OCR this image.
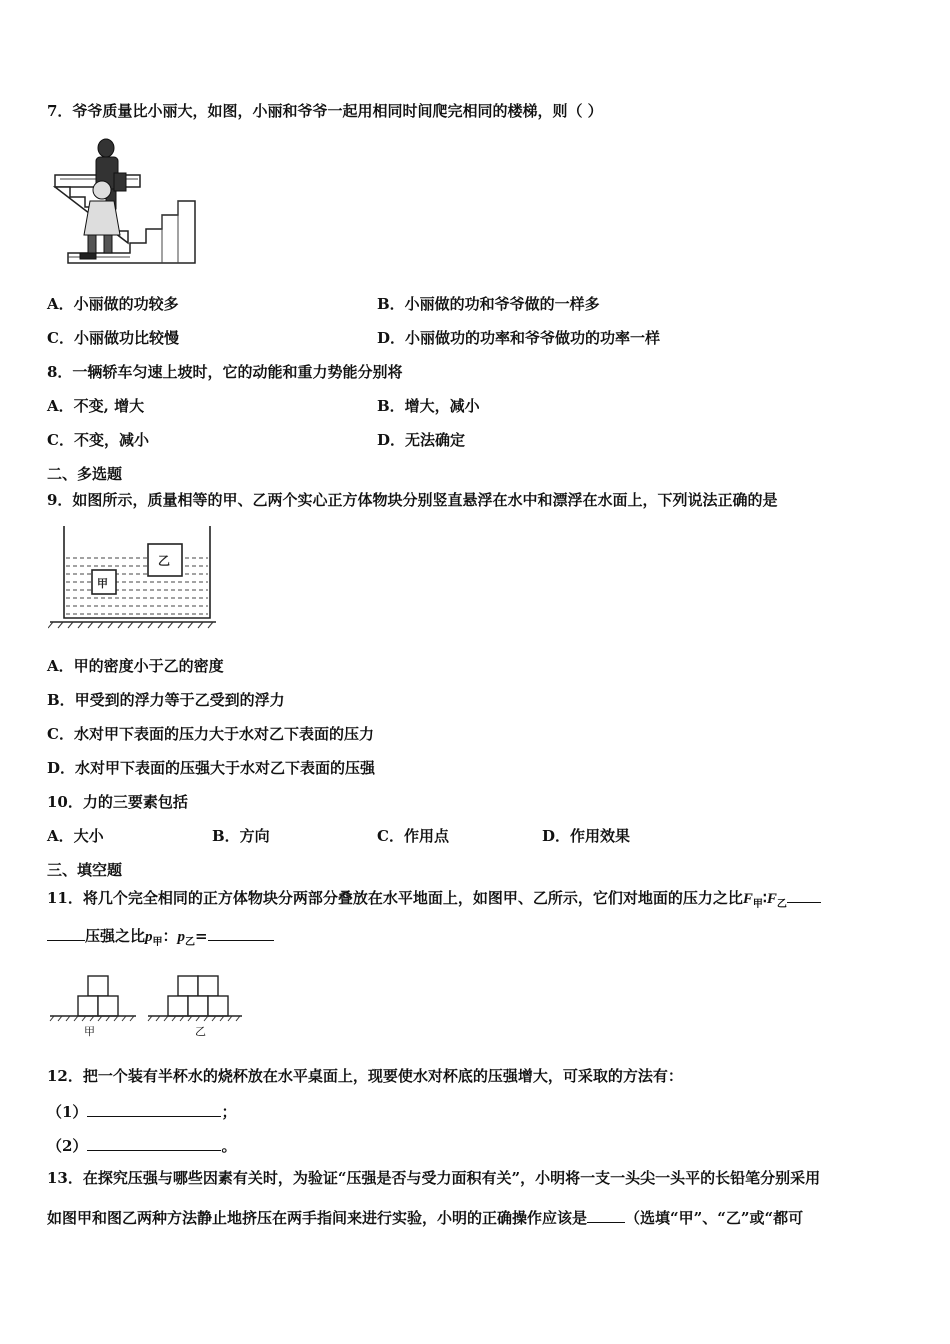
7．爷爷质量比小丽大，如图，小丽和爷爷一起用相同时间爬完相同的楼梯，则（ ）
A．小丽做的功较多	B．小丽做的功和爷爷做的一样多
C．小丽做功比较慢	D．小丽做功的功率和爷爷做功的功率一样
8．一辆轿车匀速上坡时，它的动能和重力势能分别将
A．不变, 增大	B．增大，减小
C．不变，减小	D．无法确定
二、多选题
9．如图所示，质量相等的甲、乙两个实心正方体物块分别竖直悬浮在水中和漂浮在水面上，下列说法正确的是
乙
甲
A．甲的密度小于乙的密度
B．甲受到的浮力等于乙受到的浮力
C．水对甲下表面的压力大于水对乙下表面的压力
D．水对甲下表面的压强大于水对乙下表面的压强
10．力的三要素包括
A．大小	B．方向	C．作用点	D．作用效果
三、填空题
11．将几个完全相同的正方体物块分两部分叠放在水平地面上，如图甲、乙所示，它们对地面的压力之比$F_甲∶F_乙$
压强之比$p_甲$：$p_乙=$
甲	乙
12．把一个装有半杯水的烧杯放在水平桌面上，现要使水对杯底的压强增大，可采取的方法有：
（1）	；
（2）	。
13．在探究压强与哪些因素有关时，为验证“压强是否与受力面积有关”，小明将一支一头尖一头平的长铅笔分别采用
如图甲和图乙两种方法静止地挤压在两手指间来进行实验，小明的正确操作应该是	（选填“甲”、“乙”或“都可
